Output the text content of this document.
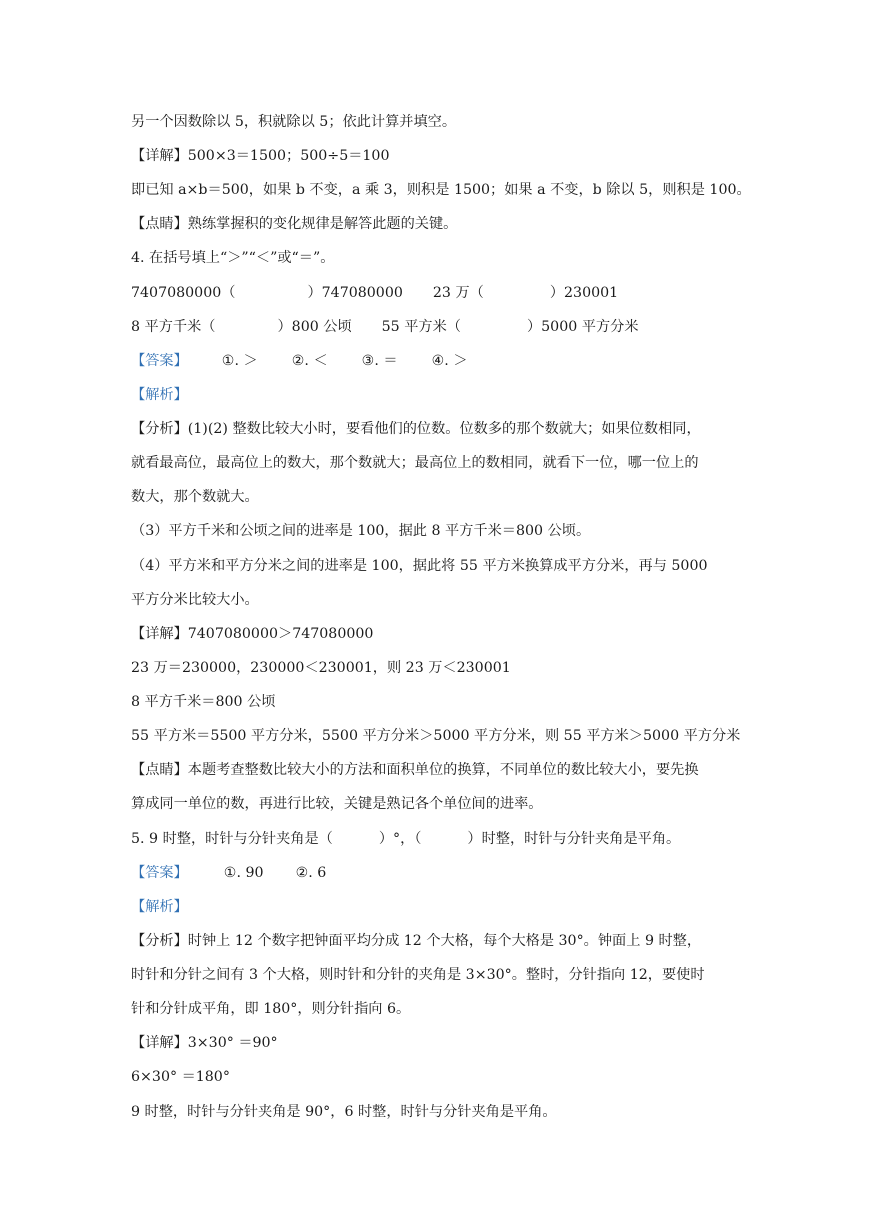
另一个因数除以 5，积就除以 5；依此计算并填空。
【详解】500×3＝1500；500÷5＝100
即已知 a×b＝500，如果 b 不变，a 乘 3，则积是 1500；如果 a 不变，b 除以 5，则积是 100。
【点睛】熟练掌握积的变化规律是解答此题的关键。
4. 在括号填上“＞”“＜”或“＝”。
7407080000（	）747080000 23 万（	）230001
8 平方千米（	）800 公顷 55 平方米（	）5000 平方分米
【答案】 ①. ＞ ②. ＜ ③. ＝ ④. ＞
【解析】
【分析】(1)(2) 整数比较大小时，要看他们的位数。位数多的那个数就大；如果位数相同，
就看最高位，最高位上的数大，那个数就大；最高位上的数相同，就看下一位，哪一位上的
数大，那个数就大。
（3）平方千米和公顷之间的进率是 100，据此 8 平方千米＝800 公顷。
（4）平方米和平方分米之间的进率是 100，据此将 55 平方米换算成平方分米，再与 5000
平方分米比较大小。
【详解】7407080000＞747080000
23 万＝230000，230000＜230001，则 23 万＜230001
8 平方千米＝800 公顷
55 平方米＝5500 平方分米，5500 平方分米＞5000 平方分米，则 55 平方米＞5000 平方分米
【点睛】本题考查整数比较大小的方法和面积单位的换算，不同单位的数比较大小，要先换
算成同一单位的数，再进行比较，关键是熟记各个单位间的进率。
5. 9 时整，时针与分针夹角是（	）°，（	）时整，时针与分针夹角是平角。
【答案】	①. 90 ②. 6
【解析】
【分析】时钟上 12 个数字把钟面平均分成 12 个大格，每个大格是 30°。钟面上 9 时整，
时针和分针之间有 3 个大格，则时针和分针的夹角是 3×30°。整时，分针指向 12，要使时
针和分针成平角，即 180°，则分针指向 6。
【详解】3×30° ＝90°
6×30° ＝180°
9 时整，时针与分针夹角是 90°，6 时整，时针与分针夹角是平角。
